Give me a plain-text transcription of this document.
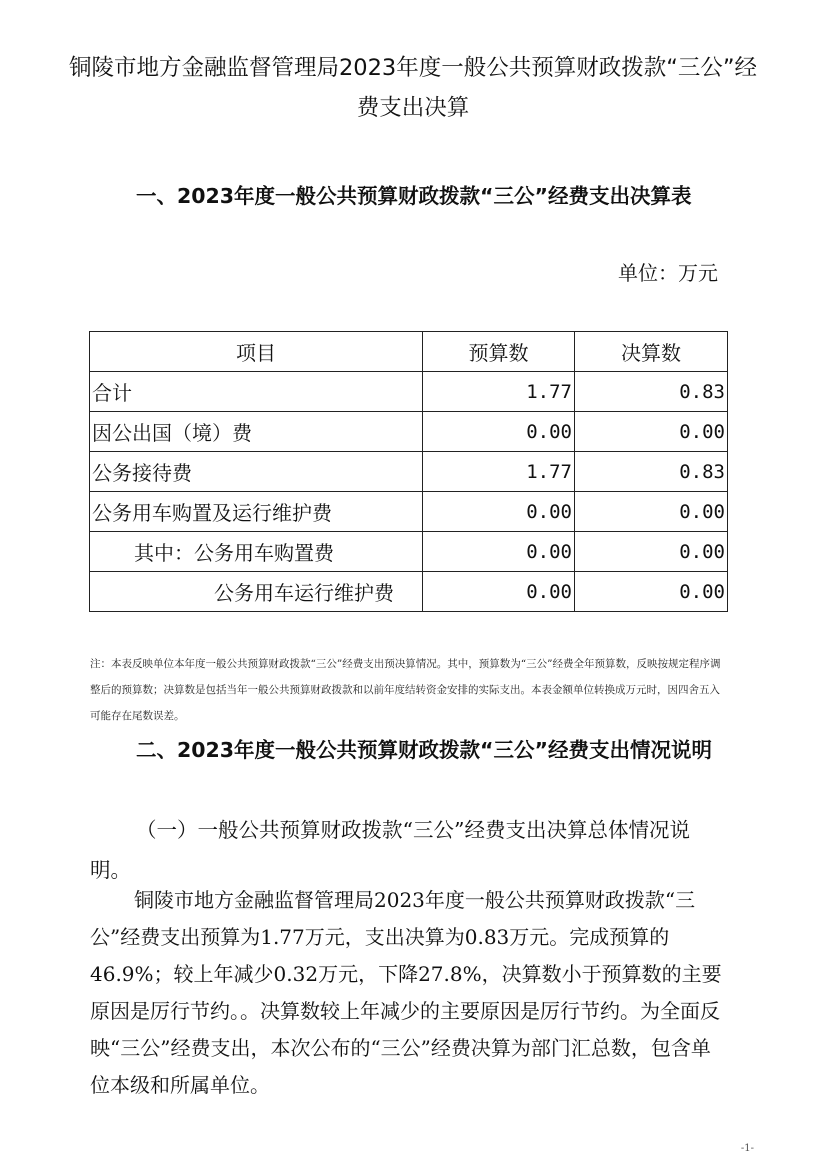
铜陵市地方金融监督管理局2023年度一般公共预算财政拨款“三公”经费支出决算
一、2023年度一般公共预算财政拨款“三公”经费支出决算表
单位：万元
项目	预算数	决算数
合计	1.77	0.83
因公出国（境）费	0.00	0.00
公务接待费	1.77	0.83
公务用车购置及运行维护费	0.00	0.00
其中：公务用车购置费	0.00	0.00
公务用车运行维护费	0.00	0.00
注：本表反映单位本年度一般公共预算财政拨款“三公”经费支出预决算情况。其中，预算数为“三公”经费全年预算数，反映按规定程序调整后的预算数；决算数是包括当年一般公共预算财政拨款和以前年度结转资金安排的实际支出。本表金额单位转换成万元时，因四舍五入可能存在尾数误差。
二、2023年度一般公共预算财政拨款“三公”经费支出情况说明
（一）一般公共预算财政拨款“三公”经费支出决算总体情况说明。
铜陵市地方金融监督管理局2023年度一般公共预算财政拨款“三公”经费支出预算为1.77万元，支出决算为0.83万元。完成预算的46.9%；较上年减少0.32万元，下降27.8%，决算数小于预算数的主要原因是厉行节约。。决算数较上年减少的主要原因是厉行节约。为全面反映“三公”经费支出，本次公布的“三公”经费决算为部门汇总数，包含单位本级和所属单位。
-1-
